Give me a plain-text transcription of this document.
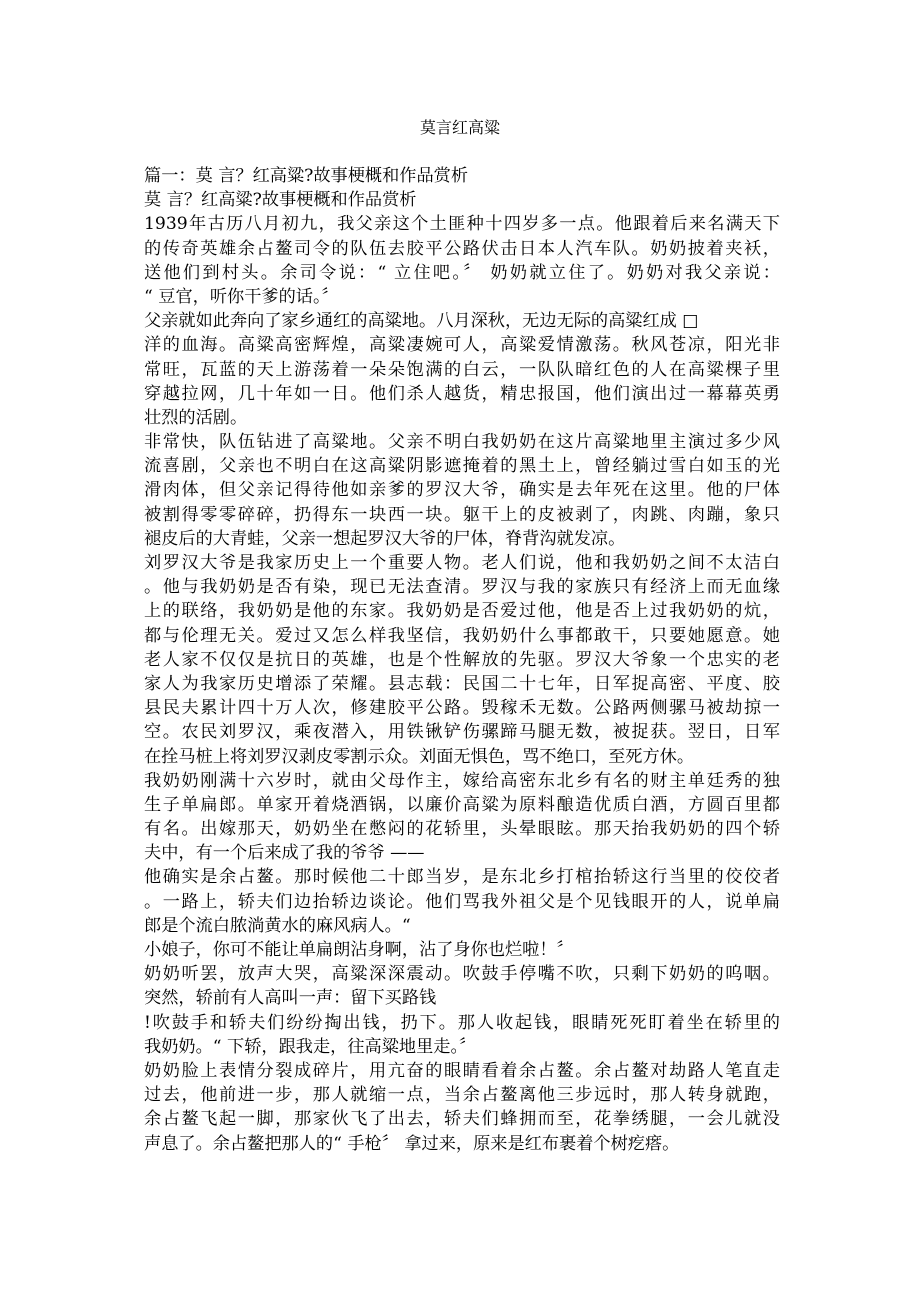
莫言红高粱
篇一：莫 言？红高粱?故事梗概和作品赏析
莫 言？红高粱?故事梗概和作品赏析
1939年古历八月初九，我父亲这个土匪种十四岁多一点。他跟着后来名满天下
的传奇英雄余占鳌司令的队伍去胶平公路伏击日本人汽车队。奶奶披着夹袄，
送他们到村头。余司令说：“ 立住吧。〞 奶奶就立住了。奶奶对我父亲说：
“ 豆官，听你干爹的话。〞
父亲就如此奔向了家乡通红的高粱地。八月深秋，无边无际的高粱红成 □
洋的血海。高粱高密辉煌，高粱凄婉可人，高粱爱情激荡。秋风苍凉，阳光非
常旺，瓦蓝的天上游荡着一朵朵饱满的白云，一队队暗红色的人在高粱棵子里
穿越拉网，几十年如一日。他们杀人越货，精忠报国，他们演出过一幕幕英勇
壮烈的活剧。
非常快，队伍钻进了高粱地。父亲不明白我奶奶在这片高粱地里主演过多少风
流喜剧，父亲也不明白在这高粱阴影遮掩着的黑土上，曾经躺过雪白如玉的光
滑肉体，但父亲记得待他如亲爹的罗汉大爷，确实是去年死在这里。他的尸体
被割得零零碎碎，扔得东一块西一块。躯干上的皮被剥了，肉跳、肉蹦，象只
褪皮后的大青蛙，父亲一想起罗汉大爷的尸体，脊背沟就发凉。
刘罗汉大爷是我家历史上一个重要人物。老人们说，他和我奶奶之间不太洁白
。他与我奶奶是否有染，现已无法查清。罗汉与我的家族只有经济上而无血缘
上的联络，我奶奶是他的东家。我奶奶是否爱过他，他是否上过我奶奶的炕，
都与伦理无关。爱过又怎么样我坚信，我奶奶什么事都敢干，只要她愿意。她
老人家不仅仅是抗日的英雄，也是个性解放的先驱。罗汉大爷象一个忠实的老
家人为我家历史增添了荣耀。县志载：民国二十七年，日军捉高密、平度、胶
县民夫累计四十万人次，修建胶平公路。毁稼禾无数。公路两侧骡马被劫掠一
空。农民刘罗汉，乘夜潜入，用铁锹铲伤骡蹄马腿无数，被捉获。翌日，日军
在拴马桩上将刘罗汉剥皮零割示众。刘面无惧色，骂不绝口，至死方休。
我奶奶刚满十六岁时，就由父母作主，嫁给高密东北乡有名的财主单廷秀的独
生子单扁郎。单家开着烧酒锅，以廉价高粱为原料酿造优质白酒，方圆百里都
有名。出嫁那天，奶奶坐在憋闷的花轿里，头晕眼眩。那天抬我奶奶的四个轿
夫中，有一个后来成了我的爷爷 ——
他确实是余占鳌。那时候他二十郎当岁，是东北乡打棺抬轿这行当里的佼佼者
。一路上，轿夫们边抬轿边谈论。他们骂我外祖父是个见钱眼开的人，说单扁
郎是个流白脓淌黄水的麻风病人。“
小娘子，你可不能让单扁朗沾身啊，沾了身你也烂啦！〞
奶奶听罢，放声大哭，高粱深深震动。吹鼓手停嘴不吹，只剩下奶奶的呜咽。
突然，轿前有人高叫一声：留下买路钱
!吹鼓手和轿夫们纷纷掏出钱，扔下。那人收起钱，眼睛死死盯着坐在轿里的
我奶奶。“ 下轿，跟我走，往高粱地里走。〞
奶奶脸上表情分裂成碎片，用亢奋的眼睛看着余占鳌。余占鳌对劫路人笔直走
过去，他前进一步，那人就缩一点，当余占鳌离他三步远时，那人转身就跑，
余占鳌飞起一脚，那家伙飞了出去，轿夫们蜂拥而至，花拳绣腿，一会儿就没
声息了。余占鳌把那人的“ 手枪〞 拿过来，原来是红布裹着个树疙瘩。
